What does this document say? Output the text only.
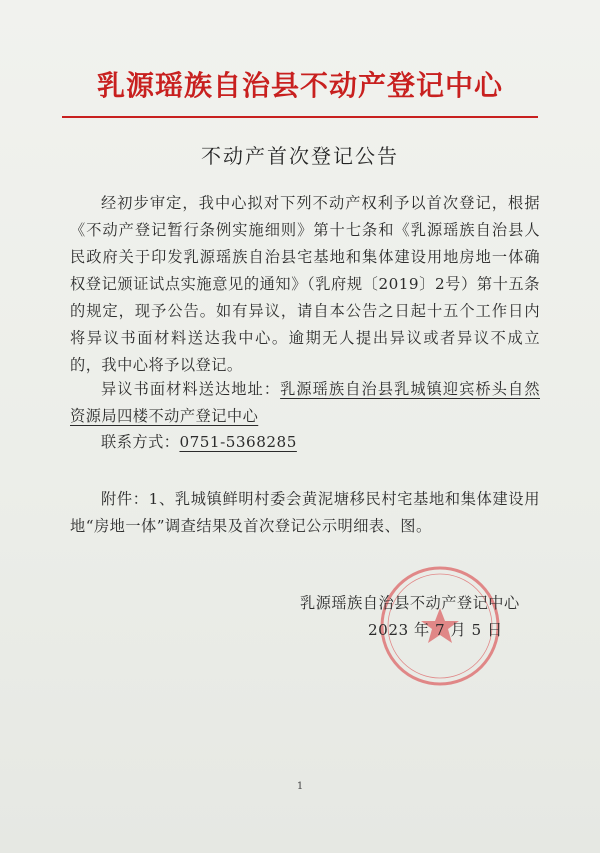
乳源瑶族自治县不动产登记中心
不动产首次登记公告
经初步审定，我中心拟对下列不动产权利予以首次登记，根据《不动产登记暂行条例实施细则》第十七条和《乳源瑶族自治县人民政府关于印发乳源瑶族自治县宅基地和集体建设用地房地一体确权登记颁证试点实施意见的通知》（乳府规〔2019〕2号）第十五条的规定，现予公告。如有异议，请自本公告之日起十五个工作日内将异议书面材料送达我中心。逾期无人提出异议或者异议不成立的，我中心将予以登记。
异议书面材料送达地址：乳源瑶族自治县乳城镇迎宾桥头自然资源局四楼不动产登记中心
联系方式：0751-5368285
附件：1、乳城镇鲜明村委会黄泥塘移民村宅基地和集体建设用地“房地一体”调查结果及首次登记公示明细表、图。
乳源瑶族自治县不动产登记中心
2023 年 7 月 5 日
1
